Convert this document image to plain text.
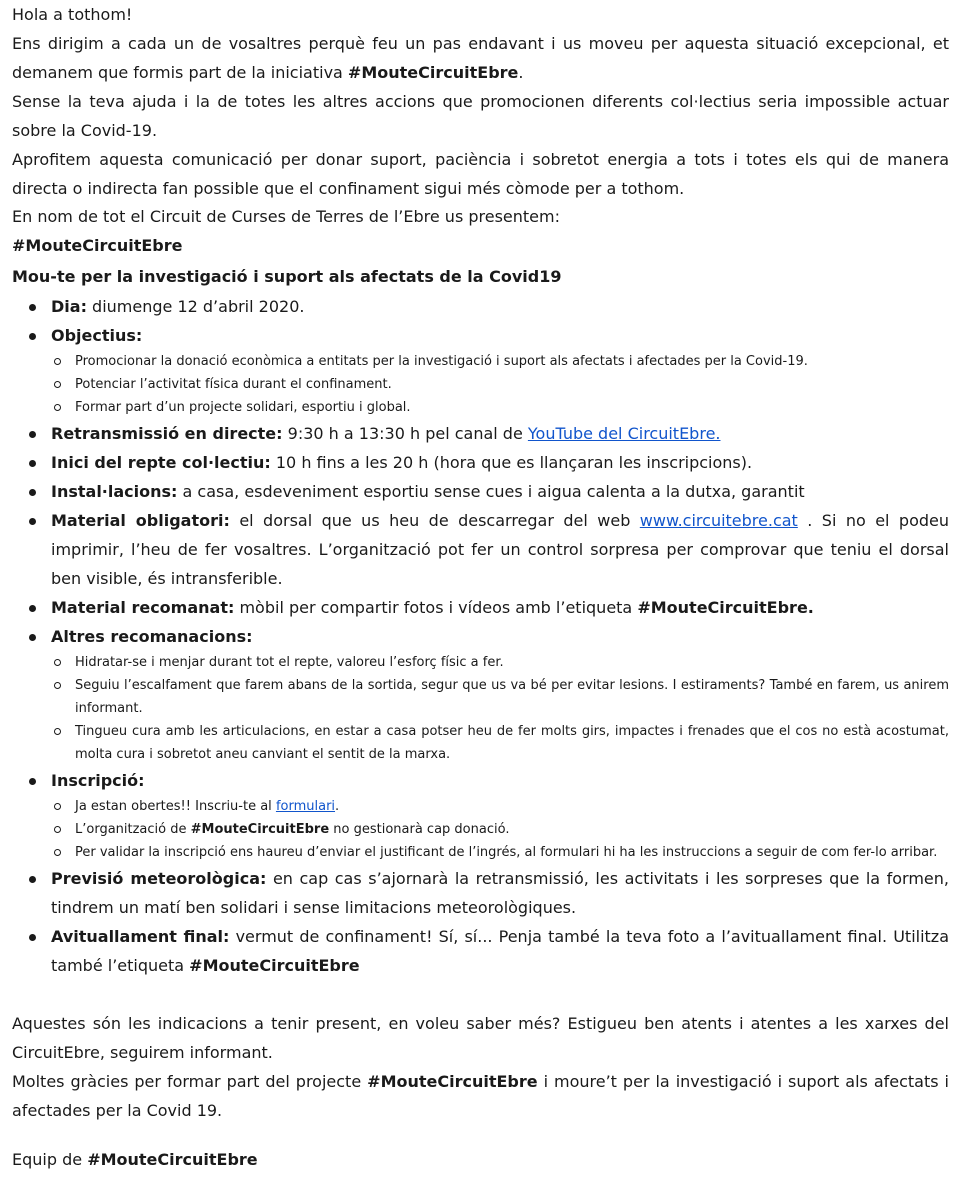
Hola a tothom!

Ens dirigim a cada un de vosaltres perquè feu un pas endavant i us moveu per aquesta situació excepcional, et demanem que formis part de la iniciativa #MouteCircuitEbre.

Sense la teva ajuda i la de totes les altres accions que promocionen diferents col·lectius seria impossible actuar sobre la Covid-19.

Aprofitem aquesta comunicació per donar suport, paciència i sobretot energia a tots i totes els qui de manera directa o indirecta fan possible que el confinament sigui més còmode per a tothom.

En nom de tot el Circuit de Curses de Terres de l’Ebre us presentem:

#MouteCircuitEbre

Mou-te per la investigació i suport als afectats de la Covid19

Dia: diumenge 12 d’abril 2020.
Objectius:
Promocionar la donació econòmica a entitats per la investigació i suport als afectats i afectades per la Covid-19.
Potenciar l’activitat física durant el confinament.
Formar part d’un projecte solidari, esportiu i global.
Retransmissió en directe: 9:30 h a 13:30 h pel canal de YouTube del CircuitEbre.
Inici del repte col·lectiu: 10 h fins a les 20 h (hora que es llançaran les inscripcions).
Instal·lacions: a casa, esdeveniment esportiu sense cues i aigua calenta a la dutxa, garantit
Material obligatori: el dorsal que us heu de descarregar del web www.circuitebre.cat . Si no el podeu imprimir, l’heu de fer vosaltres. L’organització pot fer un control sorpresa per comprovar que teniu el dorsal ben visible, és intransferible.
Material recomanat: mòbil per compartir fotos i vídeos amb l’etiqueta #MouteCircuitEbre.
Altres recomanacions:
Hidratar-se i menjar durant tot el repte, valoreu l’esforç físic a fer.
Seguiu l’escalfament que farem abans de la sortida, segur que us va bé per evitar lesions. I estiraments? També en farem, us anirem informant.
Tingueu cura amb les articulacions, en estar a casa potser heu de fer molts girs, impactes i frenades que el cos no està acostumat, molta cura i sobretot aneu canviant el sentit de la marxa.
Inscripció:
Ja estan obertes!! Inscriu-te al formulari.
L’organització de #MouteCircuitEbre no gestionarà cap donació.
Per validar la inscripció ens haureu d’enviar el justificant de l’ingrés, al formulari hi ha les instruccions a seguir de com fer-lo arribar.
Previsió meteorològica: en cap cas s’ajornarà la retransmissió, les activitats i les sorpreses que la formen, tindrem un matí ben solidari i sense limitacions meteorològiques.
Avituallament final: vermut de confinament! Sí, sí... Penja també la teva foto a l’avituallament final. Utilitza també l’etiqueta #MouteCircuitEbre

Aquestes són les indicacions a tenir present, en voleu saber més? Estigueu ben atents i atentes a les xarxes del CircuitEbre, seguirem informant.

Moltes gràcies per formar part del projecte #MouteCircuitEbre i moure’t per la investigació i suport als afectats i afectades per la Covid 19.

Equip de #MouteCircuitEbre
